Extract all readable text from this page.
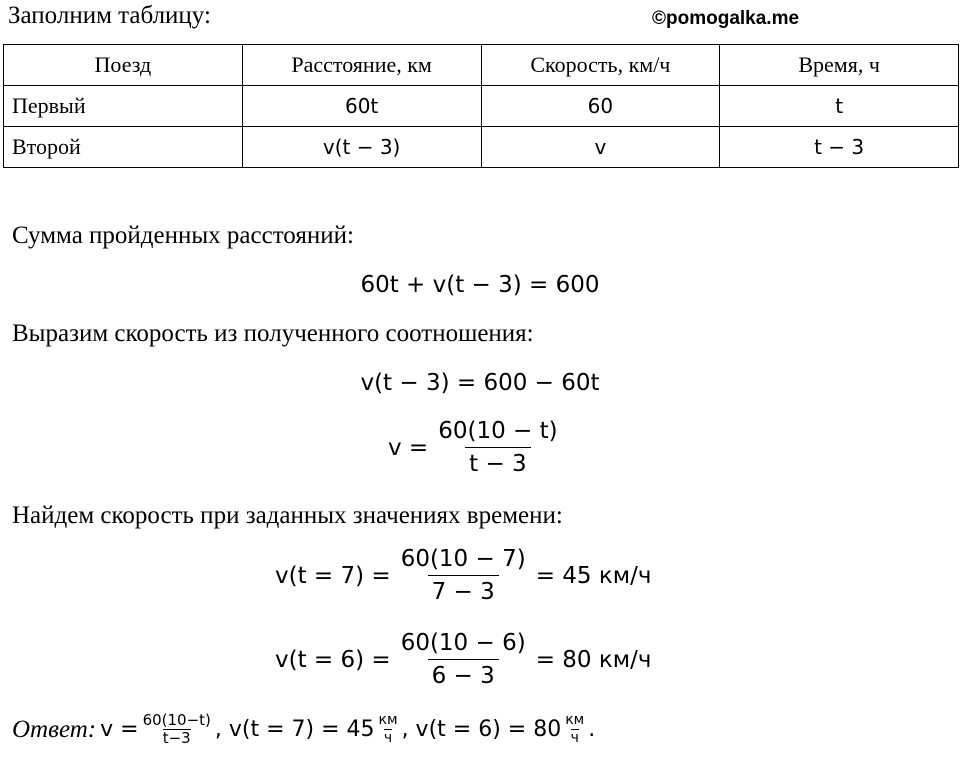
Заполним таблицу:	©pomogalka.me
Поезд	Расстояние, км	Скорость, км/ч	Время, ч
Первый	60t	60	t
Второй	v(t − 3)	v	t − 3
Сумма пройденных расстояний:
60t + v(t − 3) = 600
Выразим скорость из полученного соотношения:
v(t − 3) = 600 − 60t
$v = \frac{60(10 - t)}{t - 3}$
Найдем скорость при заданных значениях времени:
$v(t = 7) = \frac{60(10 - 7)}{7 - 3} = 45$ км/ч
$v(t = 6) = \frac{60(10 - 6)}{6 - 3} = 80$ км/ч
Ответ: $v = \frac{60(10-t)}{t-3}$ , $v(t = 7) = 45 \frac{км}{ч}$ , $v(t = 6) = 80 \frac{км}{ч}$ .
